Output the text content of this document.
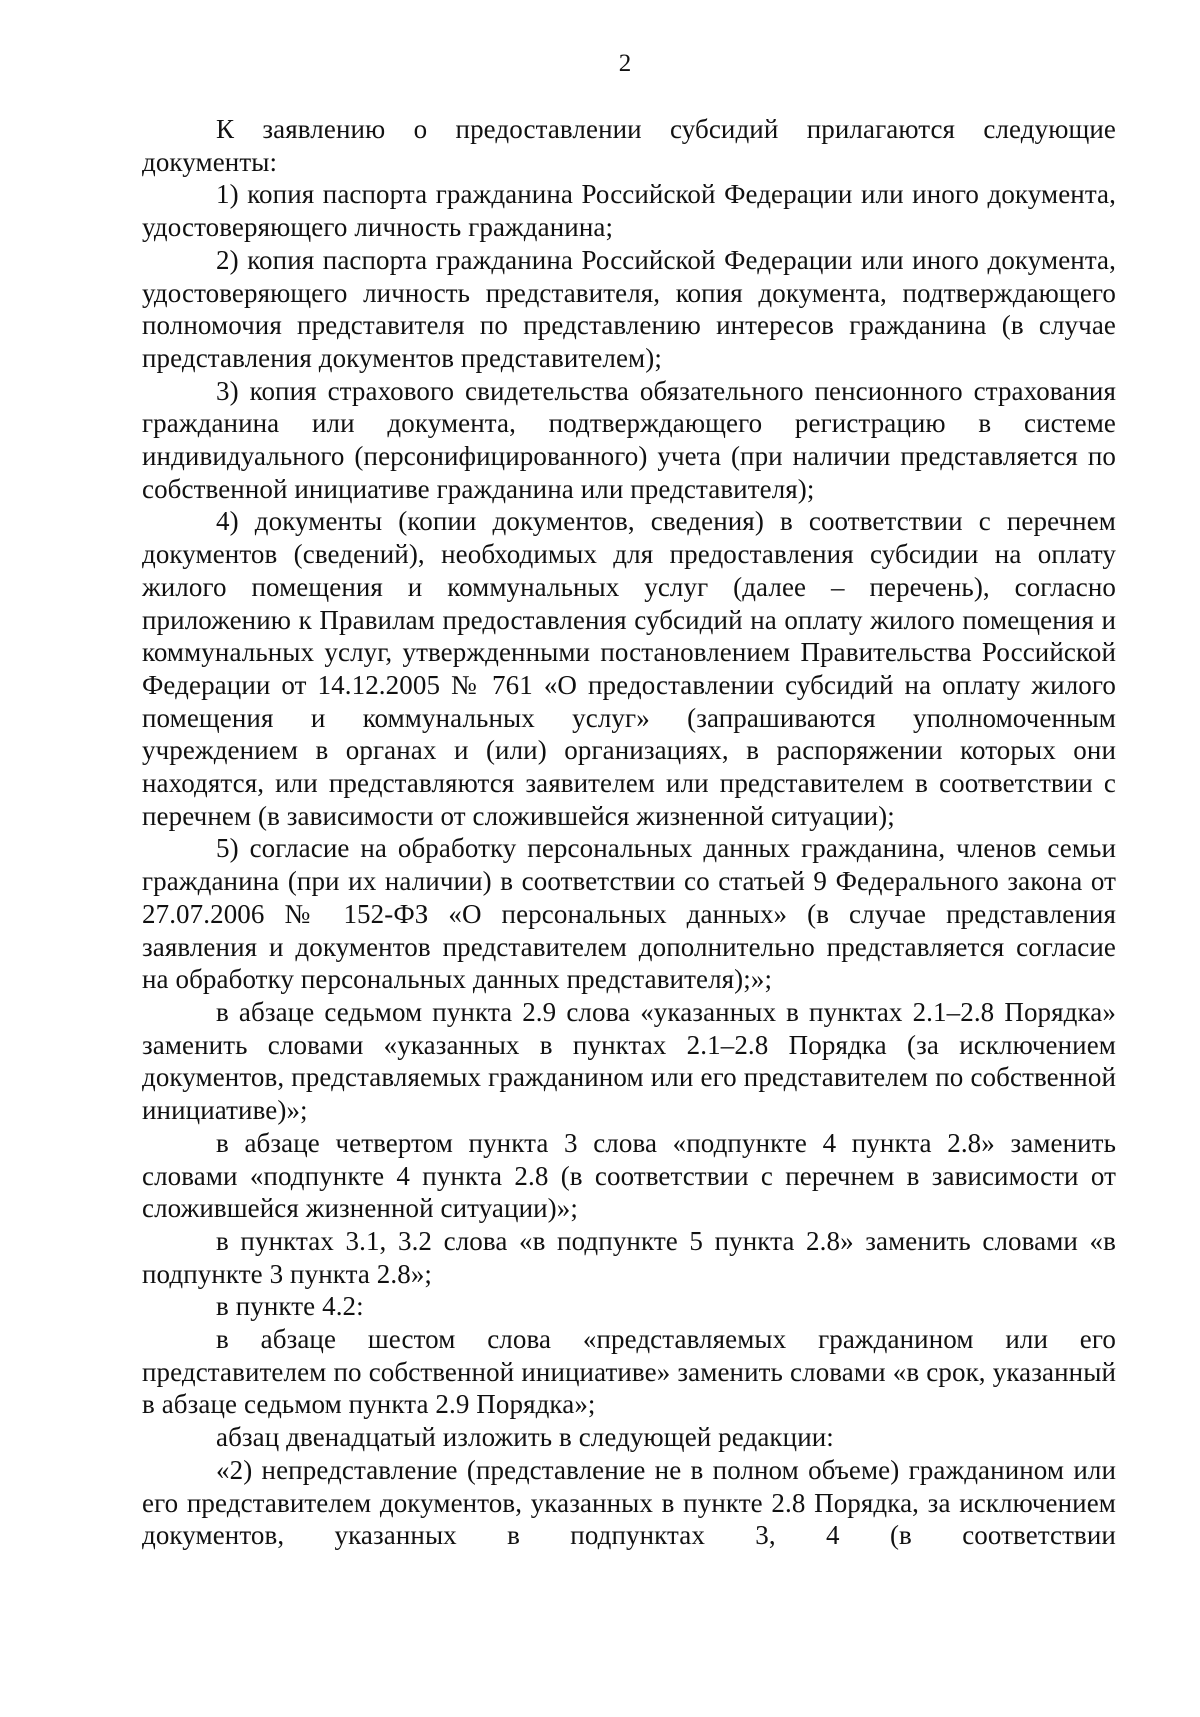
2

К заявлению о предоставлении субсидий прилагаются следующие документы:

1) копия паспорта гражданина Российской Федерации или иного документа, удостоверяющего личность гражданина;

2) копия паспорта гражданина Российской Федерации или иного документа, удостоверяющего личность представителя, копия документа, подтверждающего полномочия представителя по представлению интересов гражданина (в случае представления документов представителем);

3) копия страхового свидетельства обязательного пенсионного страхования гражданина или документа, подтверждающего регистрацию в системе индивидуального (персонифицированного) учета (при наличии представляется по собственной инициативе гражданина или представителя);

4) документы (копии документов, сведения) в соответствии с перечнем документов (сведений), необходимых для предоставления субсидии на оплату жилого помещения и коммунальных услуг (далее – перечень), согласно приложению к Правилам предоставления субсидий на оплату жилого помещения и коммунальных услуг, утвержденными постановлением Правительства Российской Федерации от 14.12.2005 № 761 «О предоставлении субсидий на оплату жилого помещения и коммунальных услуг» (запрашиваются уполномоченным учреждением в органах и (или) организациях, в распоряжении которых они находятся, или представляются заявителем или представителем в соответствии с перечнем (в зависимости от сложившейся жизненной ситуации);

5) согласие на обработку персональных данных гражданина, членов семьи гражданина (при их наличии) в соответствии со статьей 9 Федерального закона от 27.07.2006 № 152-ФЗ «О персональных данных» (в случае представления заявления и документов представителем дополнительно представляется согласие на обработку персональных данных представителя);»;

в абзаце седьмом пункта 2.9 слова «указанных в пунктах 2.1–2.8 Порядка» заменить словами «указанных в пунктах 2.1–2.8 Порядка (за исключением документов, представляемых гражданином или его представителем по собственной инициативе)»;

в абзаце четвертом пункта 3 слова «подпункте 4 пункта 2.8» заменить словами «подпункте 4 пункта 2.8 (в соответствии с перечнем в зависимости от сложившейся жизненной ситуации)»;

в пунктах 3.1, 3.2 слова «в подпункте 5 пункта 2.8» заменить словами «в подпункте 3 пункта 2.8»;

в пункте 4.2:

в абзаце шестом слова «представляемых гражданином или его представителем по собственной инициативе» заменить словами «в срок, указанный в абзаце седьмом пункта 2.9 Порядка»;

абзац двенадцатый изложить в следующей редакции:

«2) непредставление (представление не в полном объеме) гражданином или его представителем документов, указанных в пункте 2.8 Порядка, за исключением документов, указанных в подпунктах 3, 4 (в соответствии
